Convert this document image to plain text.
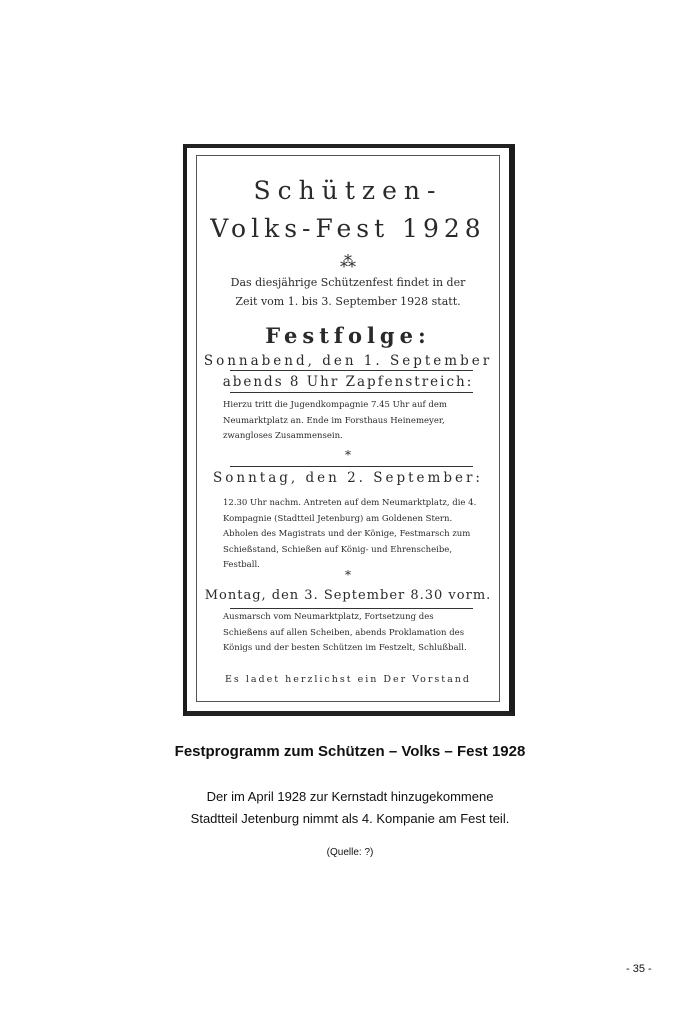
Schützen-
Volks-Fest 1928
⁂
Das diesjährige Schützenfest findet in der
Zeit vom 1. bis 3. September 1928 statt.
Festfolge:
Sonnabend, den 1. September
abends 8 Uhr Zapfenstreich:
Hierzu tritt die Jugendkompagnie 7.45 Uhr auf dem Neumarktplatz an. Ende im Forsthaus Heinemeyer, zwangloses Zusammensein.
*
Sonntag, den 2. September:
12.30 Uhr nachm. Antreten auf dem Neumarktplatz, die 4. Kompagnie (Stadtteil Jetenburg) am Goldenen Stern. Abholen des Magistrats und der Könige, Festmarsch zum Schießstand, Schießen auf König- und Ehrenscheibe, Festball.
*
Montag, den 3. September 8.30 vorm.
Ausmarsch vom Neumarktplatz, Fortsetzung des Schießens auf allen Scheiben, abends Proklamation des Königs und der besten Schützen im Festzelt, Schlußball.
Es ladet herzlichst ein Der Vorstand
Festprogramm zum Schützen – Volks – Fest 1928
Der im April 1928 zur Kernstadt hinzugekommene
Stadtteil Jetenburg nimmt als 4. Kompanie am Fest teil.
(Quelle: ?)
- 35 -
